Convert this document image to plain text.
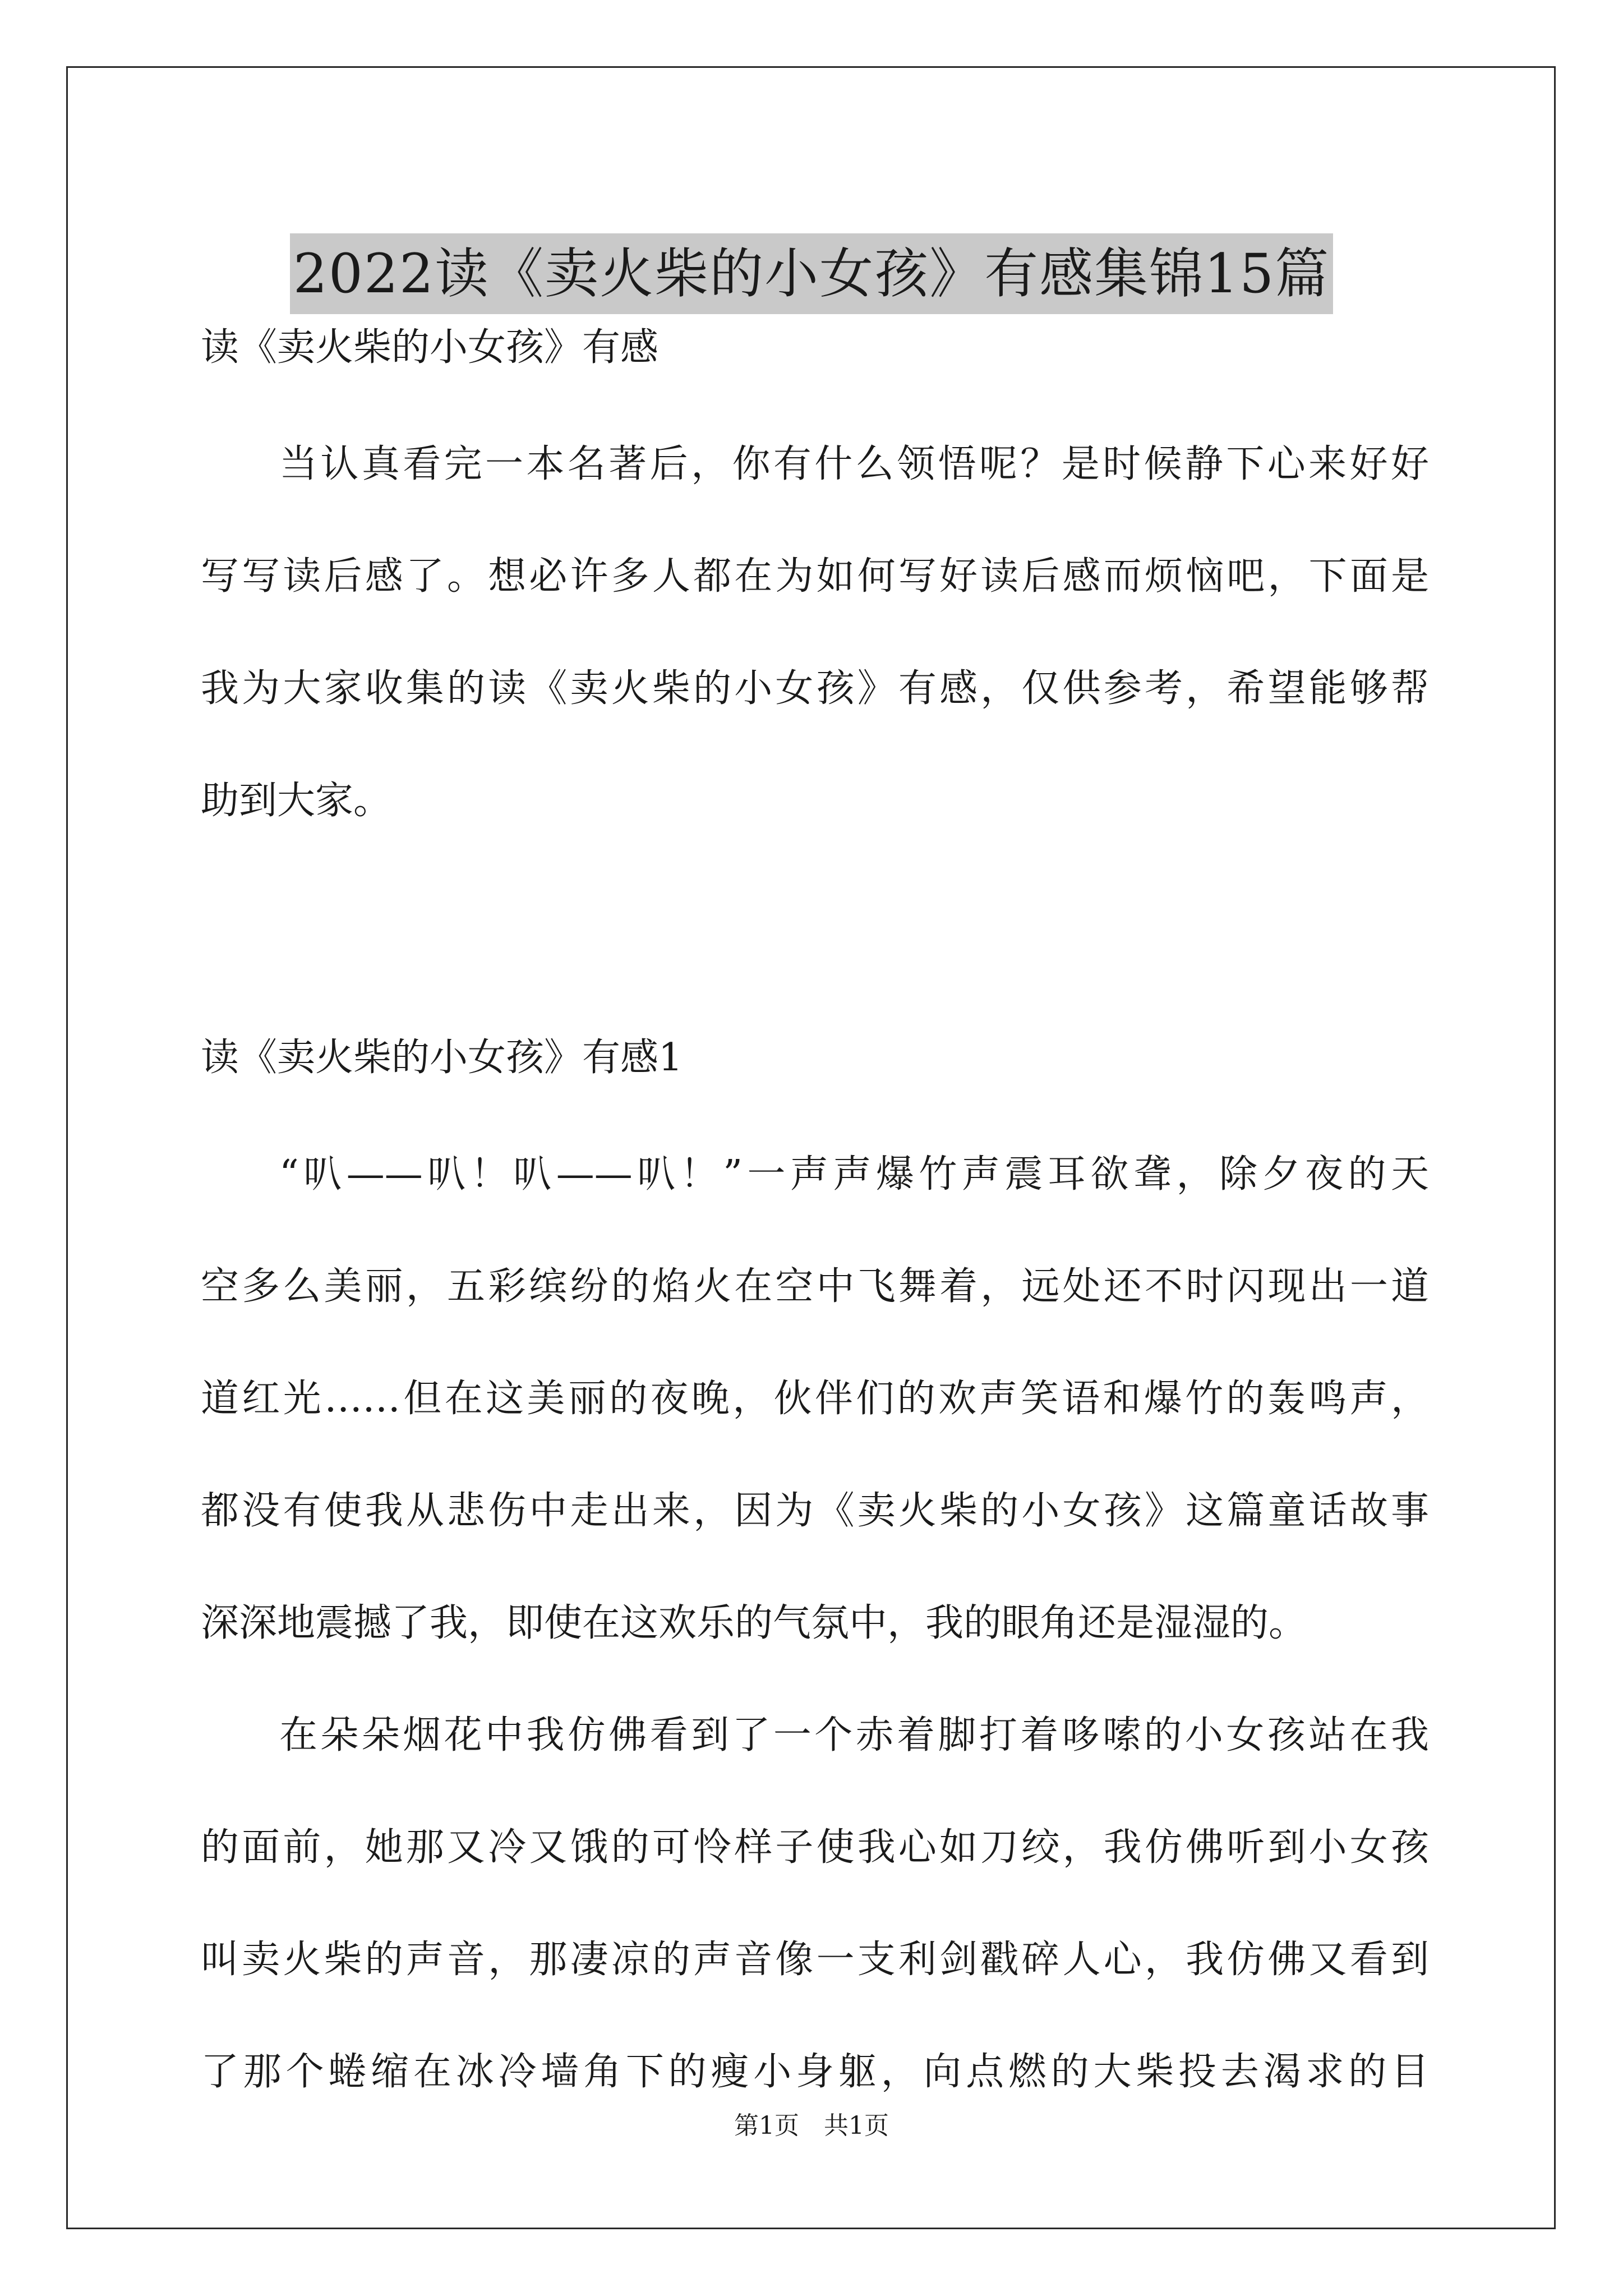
2022读《卖火柴的小女孩》有感集锦15篇

读《卖火柴的小女孩》有感

当认真看完一本名著后，你有什么领悟呢？是时候静下心来好好
写写读后感了。想必许多人都在为如何写好读后感而烦恼吧，下面是
我为大家收集的读《卖火柴的小女孩》有感，仅供参考，希望能够帮
助到大家。

读《卖火柴的小女孩》有感1

“叭——叭！叭——叭！”一声声爆竹声震耳欲聋，除夕夜的天
空多么美丽，五彩缤纷的焰火在空中飞舞着，远处还不时闪现出一道
道红光……但在这美丽的夜晚，伙伴们的欢声笑语和爆竹的轰鸣声，
都没有使我从悲伤中走出来，因为《卖火柴的小女孩》这篇童话故事
深深地震撼了我，即使在这欢乐的气氛中，我的眼角还是湿湿的。
在朵朵烟花中我仿佛看到了一个赤着脚打着哆嗦的小女孩站在我
的面前，她那又冷又饿的可怜样子使我心如刀绞，我仿佛听到小女孩
叫卖火柴的声音，那凄凉的声音像一支利剑戳碎人心，我仿佛又看到
了那个蜷缩在冰冷墙角下的瘦小身躯，向点燃的大柴投去渴求的目
第1页 共1页
